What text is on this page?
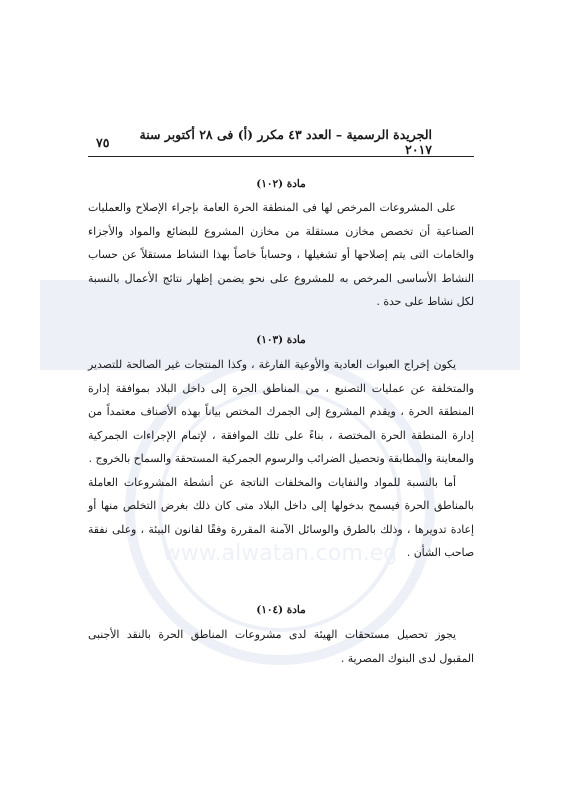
www.alwatan.com.eg
الجريدة الرسمية – العدد ٤٣ مكرر (أ) فى ٢٨ أكتوبر سنة ٢٠١٧
٧٥
مادة (١٠٢)

على المشروعات المرخص لها فى المنطقة الحرة العامة بإجراء الإصلاح والعمليات الصناعية أن تخصص مخازن مستقلة من مخازن المشروع للبضائع والمواد والأجزاء والخامات التى يتم إصلاحها أو تشغيلها ، وحساباً خاصاً بهذا النشاط مستقلاً عن حساب النشاط الأساسى المرخص به للمشروع على نحو يضمن إظهار نتائج الأعمال بالنسبة لكل نشاط على حدة .

مادة (١٠٣)

يكون إخراج العبوات العادية والأوعية الفارغة ، وكذا المنتجات غير الصالحة للتصدير والمتخلفة عن عمليات التصنيع ، من المناطق الحرة إلى داخل البلاد بموافقة إدارة المنطقة الحرة ، ويقدم المشروع إلى الجمرك المختص بياناً بهذه الأصناف معتمداً من إدارة المنطقة الحرة المختصة ، بناءً على تلك الموافقة ، لإتمام الإجراءات الجمركية والمعاينة والمطابقة وتحصيل الضرائب والرسوم الجمركية المستحقة والسماح بالخروج .

أما بالنسبة للمواد والنفايات والمخلفات الناتجة عن أنشطة المشروعات العاملة بالمناطق الحرة فيسمح بدخولها إلى داخل البلاد متى كان ذلك بغرض التخلص منها أو إعادة تدويرها ، وذلك بالطرق والوسائل الآمنة المقررة وفقًا لقانون البيئة ، وعلى نفقة صاحب الشأن .

مادة (١٠٤)

يجوز تحصيل مستحقات الهيئة لدى مشروعات المناطق الحرة بالنقد الأجنبى المقبول لدى البنوك المصرية .
